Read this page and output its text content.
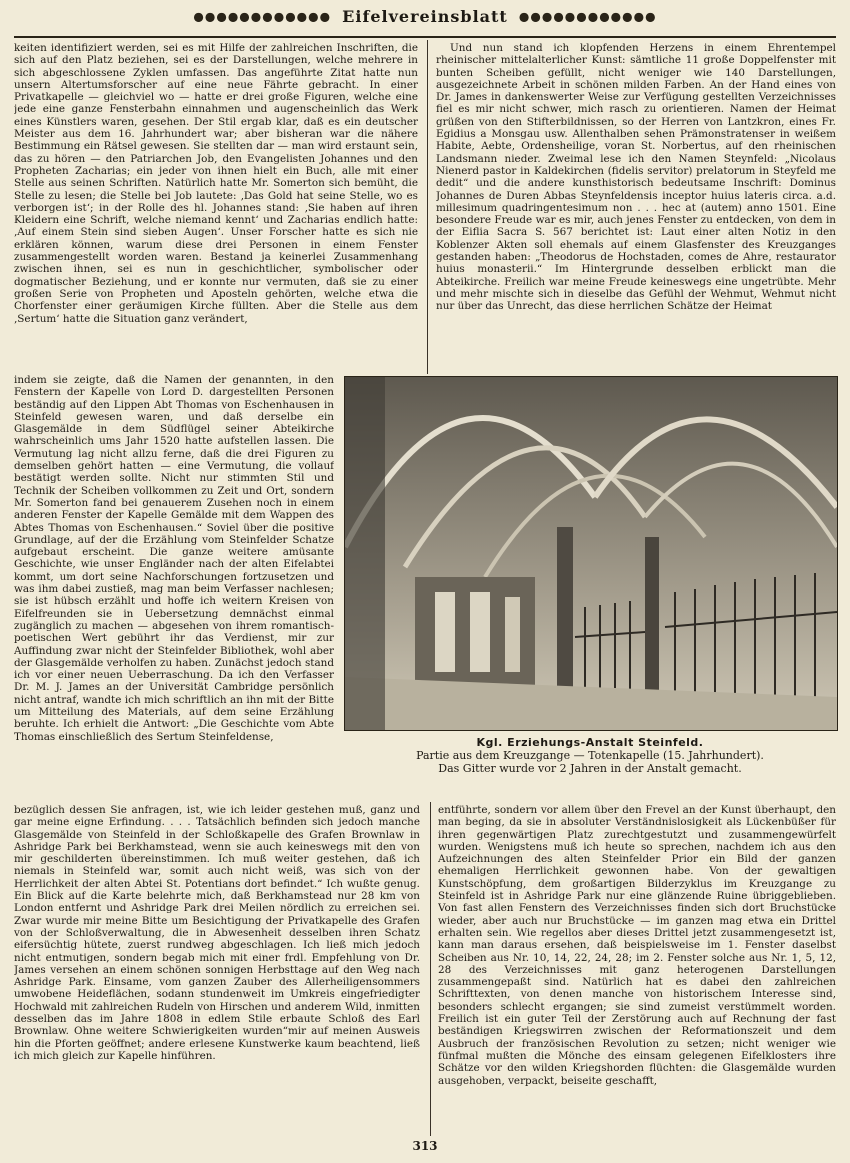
●●●●●●●●●●●● Eifelvereinsblatt ●●●●●●●●●●●●

keiten identifiziert werden, sei es mit Hilfe der zahlreichen Inschriften, die sich auf den Platz beziehen, sei es der Darstellungen, welche mehrere in sich abgeschlossene Zyklen umfassen. Das angeführte Zitat hatte nun unsern Altertumsforscher auf eine neue Fährte gebracht. In einer Privatkapelle — gleichviel wo — hatte er drei große Figuren, welche eine jede eine ganze Fensterbahn einnahmen und augenscheinlich das Werk eines Künstlers waren, gesehen. Der Stil ergab klar, daß es ein deutscher Meister aus dem 16. Jahrhundert war; aber bisheran war die nähere Bestimmung ein Rätsel gewesen. Sie stellten dar — man wird erstaunt sein, das zu hören — den Patriarchen Job, den Evangelisten Johannes und den Propheten Zacharias; ein jeder von ihnen hielt ein Buch, alle mit einer Stelle aus seinen Schriften. Natürlich hatte Mr. Somerton sich bemüht, die Stelle zu lesen; die Stelle bei Job lautete: ‚Das Gold hat seine Stelle, wo es verborgen ist‘; in der Rolle des hl. Johannes stand: ‚Sie haben auf ihren Kleidern eine Schrift, welche niemand kennt‘ und Zacharias endlich hatte: ‚Auf einem Stein sind sieben Augen‘. Unser Forscher hatte es sich nie erklären können, warum diese drei Personen in einem Fenster zusammengestellt worden waren. Bestand ja keinerlei Zusammenhang zwischen ihnen, sei es nun in geschichtlicher, symbolischer oder dogmatischer Beziehung, und er konnte nur vermuten, daß sie zu einer großen Serie von Propheten und Aposteln gehörten, welche etwa die Chorfenster einer geräumigen Kirche füllten. Aber die Stelle aus dem ‚Sertum‘ hatte die Situation ganz verändert,

Und nun stand ich klopfenden Herzens in einem Ehrentempel rheinischer mittelalterlicher Kunst: sämtliche 11 große Doppelfenster mit bunten Scheiben gefüllt, nicht weniger wie 140 Darstellungen, ausgezeichnete Arbeit in schönen milden Farben. An der Hand eines von Dr. James in dankenswerter Weise zur Verfügung gestellten Verzeichnisses fiel es mir nicht schwer, mich rasch zu orientieren. Namen der Heimat grüßen von den Stifterbildnissen, so der Herren von Lantzkron, eines Fr. Egidius a Monsgau usw. Allenthalben sehen Prämonstratenser in weißem Habite, Aebte, Ordensheilige, voran St. Norbertus, auf den rheinischen Landsmann nieder. Zweimal lese ich den Namen Steynfeld: „Nicolaus Nienerd pastor in Kaldekirchen (fidelis servitor) prelatorum in Steyfeld me dedit“ und die andere kunsthistorisch bedeutsame Inschrift: Dominus Johannes de Duren Abbas Steynfeldensis inceptor huius lateris circa. a.d. millesimum quadringentesimum non . . . hec at (autem) anno 1501. Eine besondere Freude war es mir, auch jenes Fenster zu entdecken, von dem in der Eiflia Sacra S. 567 berichtet ist: Laut einer alten Notiz in den Koblenzer Akten soll ehemals auf einem Glasfenster des Kreuzganges gestanden haben: „Theodorus de Hochstaden, comes de Ahre, restaurator huius monasterii.“ Im Hintergrunde desselben erblickt man die Abteikirche. Freilich war meine Freude keineswegs eine ungetrübte. Mehr und mehr mischte sich in dieselbe das Gefühl der Wehmut, Wehmut nicht nur über das Unrecht, das diese herrlichen Schätze der Heimat

indem sie zeigte, daß die Namen der genannten, in den Fenstern der Kapelle von Lord D. dargestellten Personen beständig auf den Lippen Abt Thomas von Eschenhausen in Steinfeld gewesen waren, und daß derselbe ein Glasgemälde in dem Südflügel seiner Abteikirche wahrscheinlich ums Jahr 1520 hatte aufstellen lassen. Die Vermutung lag nicht allzu ferne, daß die drei Figuren zu demselben gehört hatten — eine Vermutung, die vollauf bestätigt werden sollte. Nicht nur stimmten Stil und Technik der Scheiben vollkommen zu Zeit und Ort, sondern Mr. Somerton fand bei genauerem Zusehen noch in einem anderen Fenster der Kapelle Gemälde mit dem Wappen des Abtes Thomas von Eschenhausen.“ Soviel über die positive Grundlage, auf der die Erzählung vom Steinfelder Schatze aufgebaut erscheint. Die ganze weitere amüsante Geschichte, wie unser Engländer nach der alten Eifelabtei kommt, um dort seine Nachforschungen fortzusetzen und was ihm dabei zustieß, mag man beim Verfasser nachlesen; sie ist hübsch erzählt und hoffe ich weitern Kreisen von Eifelfreunden sie in Uebersetzung demnächst einmal zugänglich zu machen — abgesehen von ihrem romantisch-poetischen Wert gebührt ihr das Verdienst, mir zur Auffindung zwar nicht der Steinfelder Bibliothek, wohl aber der Glasgemälde verholfen zu haben. Zunächst jedoch stand ich vor einer neuen Ueberraschung. Da ich den Verfasser Dr. M. J. James an der Universität Cambridge persönlich nicht antraf, wandte ich mich schriftlich an ihn mit der Bitte um Mitteilung des Materials, auf dem seine Erzählung beruhte. Ich erhielt die Antwort: „Die Geschichte vom Abte Thomas einschließlich des Sertum Steinfeldense,	Kgl. Erziehungs-Anstalt Steinfeld.
Partie aus dem Kreuzgange — Totenkapelle (15. Jahrhundert).
Das Gitter wurde vor 2 Jahren in der Anstalt gemacht.

bezüglich dessen Sie anfragen, ist, wie ich leider gestehen muß, ganz und gar meine eigne Erfindung. . . . Tatsächlich befinden sich jedoch manche Glasgemälde von Steinfeld in der Schloßkapelle des Grafen Brownlaw in Ashridge Park bei Berkhamstead, wenn sie auch keineswegs mit den von mir geschilderten übereinstimmen. Ich muß weiter gestehen, daß ich niemals in Steinfeld war, somit auch nicht weiß, was sich von der Herrlichkeit der alten Abtei St. Potentians dort befindet.“ Ich wußte genug. Ein Blick auf die Karte belehrte mich, daß Berkhamstead nur 28 km von London entfernt und Ashridge Park drei Meilen nördlich zu erreichen sei. Zwar wurde mir meine Bitte um Besichtigung der Privatkapelle des Grafen von der Schloßverwaltung, die in Abwesenheit desselben ihren Schatz eifersüchtig hütete, zuerst rundweg abgeschlagen. Ich ließ mich jedoch nicht entmutigen, sondern begab mich mit einer frdl. Empfehlung von Dr. James versehen an einem schönen sonnigen Herbsttage auf den Weg nach Ashridge Park. Einsame, vom ganzen Zauber des Allerheiligensommers umwobene Heideflächen, sodann stundenweit im Umkreis eingefriedigter Hochwald mit zahlreichen Rudeln von Hirschen und anderem Wild, inmitten desselben das im Jahre 1808 in edlem Stile erbaute Schloß des Earl Brownlaw. Ohne weitere Schwierigkeiten wurden“mir auf meinen Ausweis hin die Pforten geöffnet; andere erlesene Kunstwerke kaum beachtend, ließ ich mich gleich zur Kapelle hinführen.

entführte, sondern vor allem über den Frevel an der Kunst überhaupt, den man beging, da sie in absoluter Verständnislosigkeit als Lückenbüßer für ihren gegenwärtigen Platz zurechtgestutzt und zusammengewürfelt wurden. Wenigstens muß ich heute so sprechen, nachdem ich aus den Aufzeichnungen des alten Steinfelder Prior ein Bild der ganzen ehemaligen Herrlichkeit gewonnen habe. Von der gewaltigen Kunstschöpfung, dem großartigen Bilderzyklus im Kreuzgange zu Steinfeld ist in Ashridge Park nur eine glänzende Ruine übriggeblieben. Von fast allen Fenstern des Verzeichnisses finden sich dort Bruchstücke wieder, aber auch nur Bruchstücke — im ganzen mag etwa ein Drittel erhalten sein. Wie regellos aber dieses Drittel jetzt zusammengesetzt ist, kann man daraus ersehen, daß beispielsweise im 1. Fenster daselbst Scheiben aus Nr. 10, 14, 22, 24, 28; im 2. Fenster solche aus Nr. 1, 5, 12, 28 des Verzeichnisses mit ganz heterogenen Darstellungen zusammengepaßt sind. Natürlich hat es dabei den zahlreichen Schrifttexten, von denen manche von historischem Interesse sind, besonders schlecht ergangen; sie sind zumeist verstümmelt worden. Freilich ist ein guter Teil der Zerstörung auch auf Rechnung der fast beständigen Kriegswirren zwischen der Reformationszeit und dem Ausbruch der französischen Revolution zu setzen; nicht weniger wie fünfmal mußten die Mönche des einsam gelegenen Eifelklosters ihre Schätze vor den wilden Kriegshorden flüchten: die Glasgemälde wurden ausgehoben, verpackt, beiseite geschafft,

313
